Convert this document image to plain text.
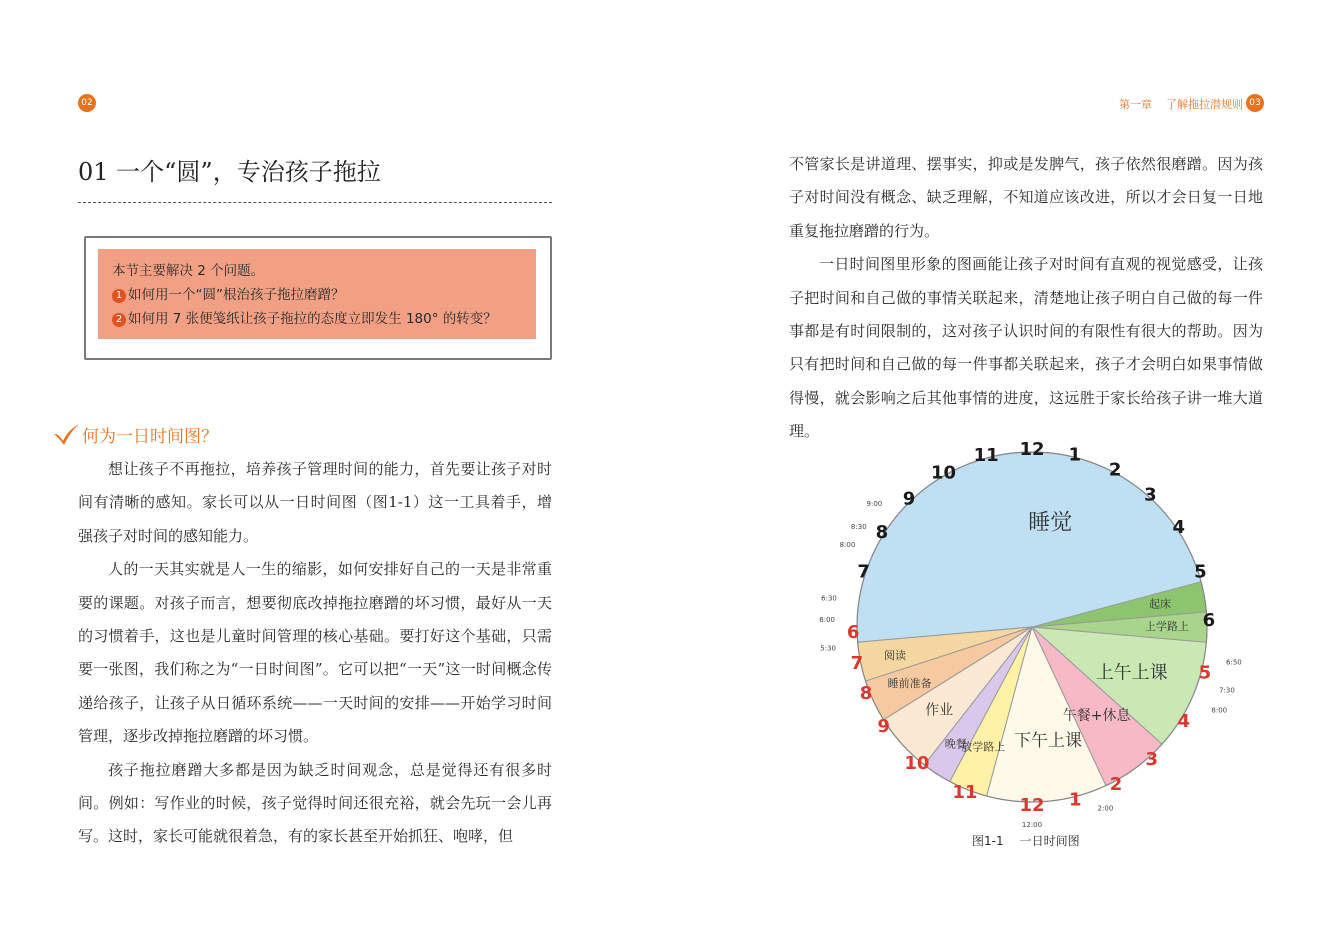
02
01 一个“圆”，专治孩子拖拉
本节主要解决 2 个问题。
1 如何用一个“圆”根治孩子拖拉磨蹭？
2 如何用 7 张便笺纸让孩子拖拉的态度立即发生 180° 的转变？
何为一日时间图？

想让孩子不再拖拉，培养孩子管理时间的能力，首先要让孩子对时间有清晰的感知。家长可以从一日时间图（图1-1）这一工具着手，增强孩子对时间的感知能力。

人的一天其实就是人一生的缩影，如何安排好自己的一天是非常重要的课题。对孩子而言，想要彻底改掉拖拉磨蹭的坏习惯，最好从一天的习惯着手，这也是儿童时间管理的核心基础。要打好这个基础，只需要一张图，我们称之为“一日时间图”。它可以把“一天”这一时间概念传递给孩子，让孩子从日循环系统——一天时间的安排——开始学习时间管理，逐步改掉拖拉磨蹭的坏习惯。

孩子拖拉磨蹭大多都是因为缺乏时间观念，总是觉得还有很多时间。例如：写作业的时候，孩子觉得时间还很充裕，就会先玩一会儿再写。这时，家长可能就很着急，有的家长甚至开始抓狂、咆哮，但

第一章 了解拖拉潜规则 03

不管家长是讲道理、摆事实，抑或是发脾气，孩子依然很磨蹭。因为孩子对时间没有概念、缺乏理解，不知道应该改进，所以才会日复一日地重复拖拉磨蹭的行为。

一日时间图里形象的图画能让孩子对时间有直观的视觉感受，让孩子把时间和自己做的事情关联起来，清楚地让孩子明白自己做的每一件事都是有时间限制的，这对孩子认识时间的有限性有很大的帮助。因为只有把时间和自己做的每一件事都关联起来，孩子才会明白如果事情做得慢，就会影响之后其他事情的进度，这远胜于家长给孩子讲一堆大道理。

睡觉
阅读
睡前准备
作业
晚餐
放学路上 下午上课
午餐+休息
上午上课
上学路上
起床
12 1
2
3
4
5
6
7
8
9
10
11
12 1
2
3
4
5
6
7
8
9
10
11
9:00
8:30
8:00
6:30
6:00
5:30
2:00
12:00
6:50
7:30
8:00
图1-1 一日时间图
